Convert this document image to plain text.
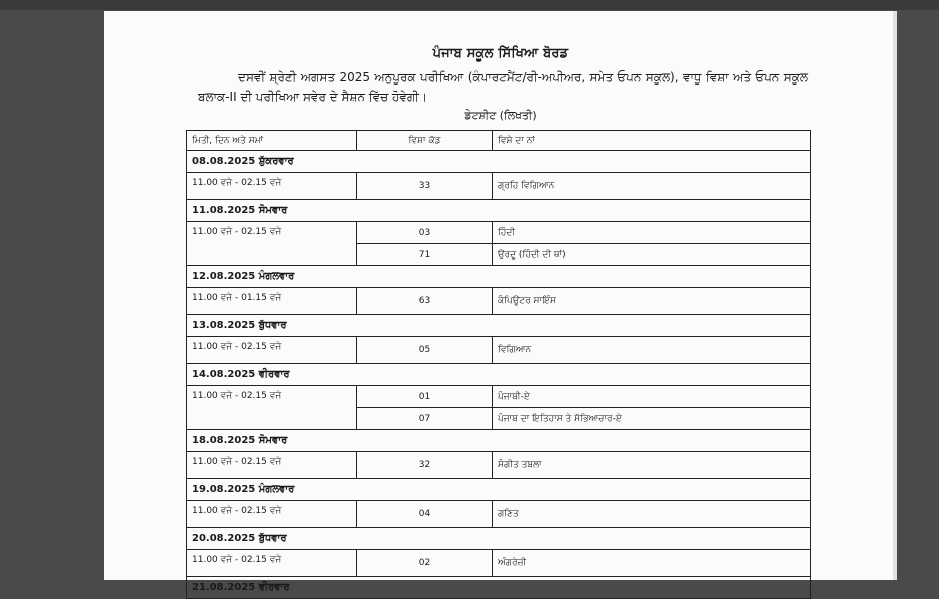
ਪੰਜਾਬ ਸਕੂਲ ਸਿੱਖਿਆ ਬੋਰਡ
ਦਸਵੀਂ ਸ਼੍ਰੇਣੀ ਅਗਸਤ 2025 ਅਨੁਪੂਰਕ ਪਰੀਖਿਆ (ਕੰਪਾਰਟਮੈਂਟ/ਰੀ-ਅਪੀਅਰ, ਸਮੇਤ ਓਪਨ ਸਕੂਲ), ਵਾਧੂ ਵਿਸ਼ਾ ਅਤੇ ਓਪਨ ਸਕੂਲ ਬਲਾਕ-II ਦੀ ਪਰੀਖਿਆ ਸਵੇਰ ਦੇ ਸੈਸ਼ਨ ਵਿੱਚ ਹੋਵੇਗੀ।
ਡੇਟਸ਼ੀਟ (ਲਿਖਤੀ)
ਮਿਤੀ, ਦਿਨ ਅਤੇ ਸਮਾਂ	ਵਿਸ਼ਾ ਕੋਡ	ਵਿਸ਼ੇ ਦਾ ਨਾਂ
08.08.2025 ਸ਼ੁੱਕਰਵਾਰ		
11.00 ਵਜੇ - 02.15 ਵਜੇ	33	ਗ੍ਰਹਿ ਵਿਗਿਆਨ
11.08.2025 ਸੋਮਵਾਰ		
11.00 ਵਜੇ - 02.15 ਵਜੇ	03	ਹਿੰਦੀ
	71	ਉਰਦੂ (ਹਿੰਦੀ ਦੀ ਥਾਂ)
12.08.2025 ਮੰਗਲਵਾਰ		
11.00 ਵਜੇ - 01.15 ਵਜੇ	63	ਕੰਪਿਊਟਰ ਸਾਇੰਸ
13.08.2025 ਬੁੱਧਵਾਰ		
11.00 ਵਜੇ - 02.15 ਵਜੇ	05	ਵਿਗਿਆਨ
14.08.2025 ਵੀਰਵਾਰ		
11.00 ਵਜੇ - 02.15 ਵਜੇ	01	ਪੰਜਾਬੀ-ਏ
	07	ਪੰਜਾਬ ਦਾ ਇਤਿਹਾਸ ਤੇ ਸੱਭਿਆਚਾਰ-ਏ
18.08.2025 ਸੋਮਵਾਰ		
11.00 ਵਜੇ - 02.15 ਵਜੇ	32	ਸੰਗੀਤ ਤਬਲਾ
19.08.2025 ਮੰਗਲਵਾਰ		
11.00 ਵਜੇ - 02.15 ਵਜੇ	04	ਗਣਿਤ
20.08.2025 ਬੁੱਧਵਾਰ		
11.00 ਵਜੇ - 02.15 ਵਜੇ	02	ਅੰਗਰੇਜ਼ੀ
21.08.2025 ਵੀਰਵਾਰ		
